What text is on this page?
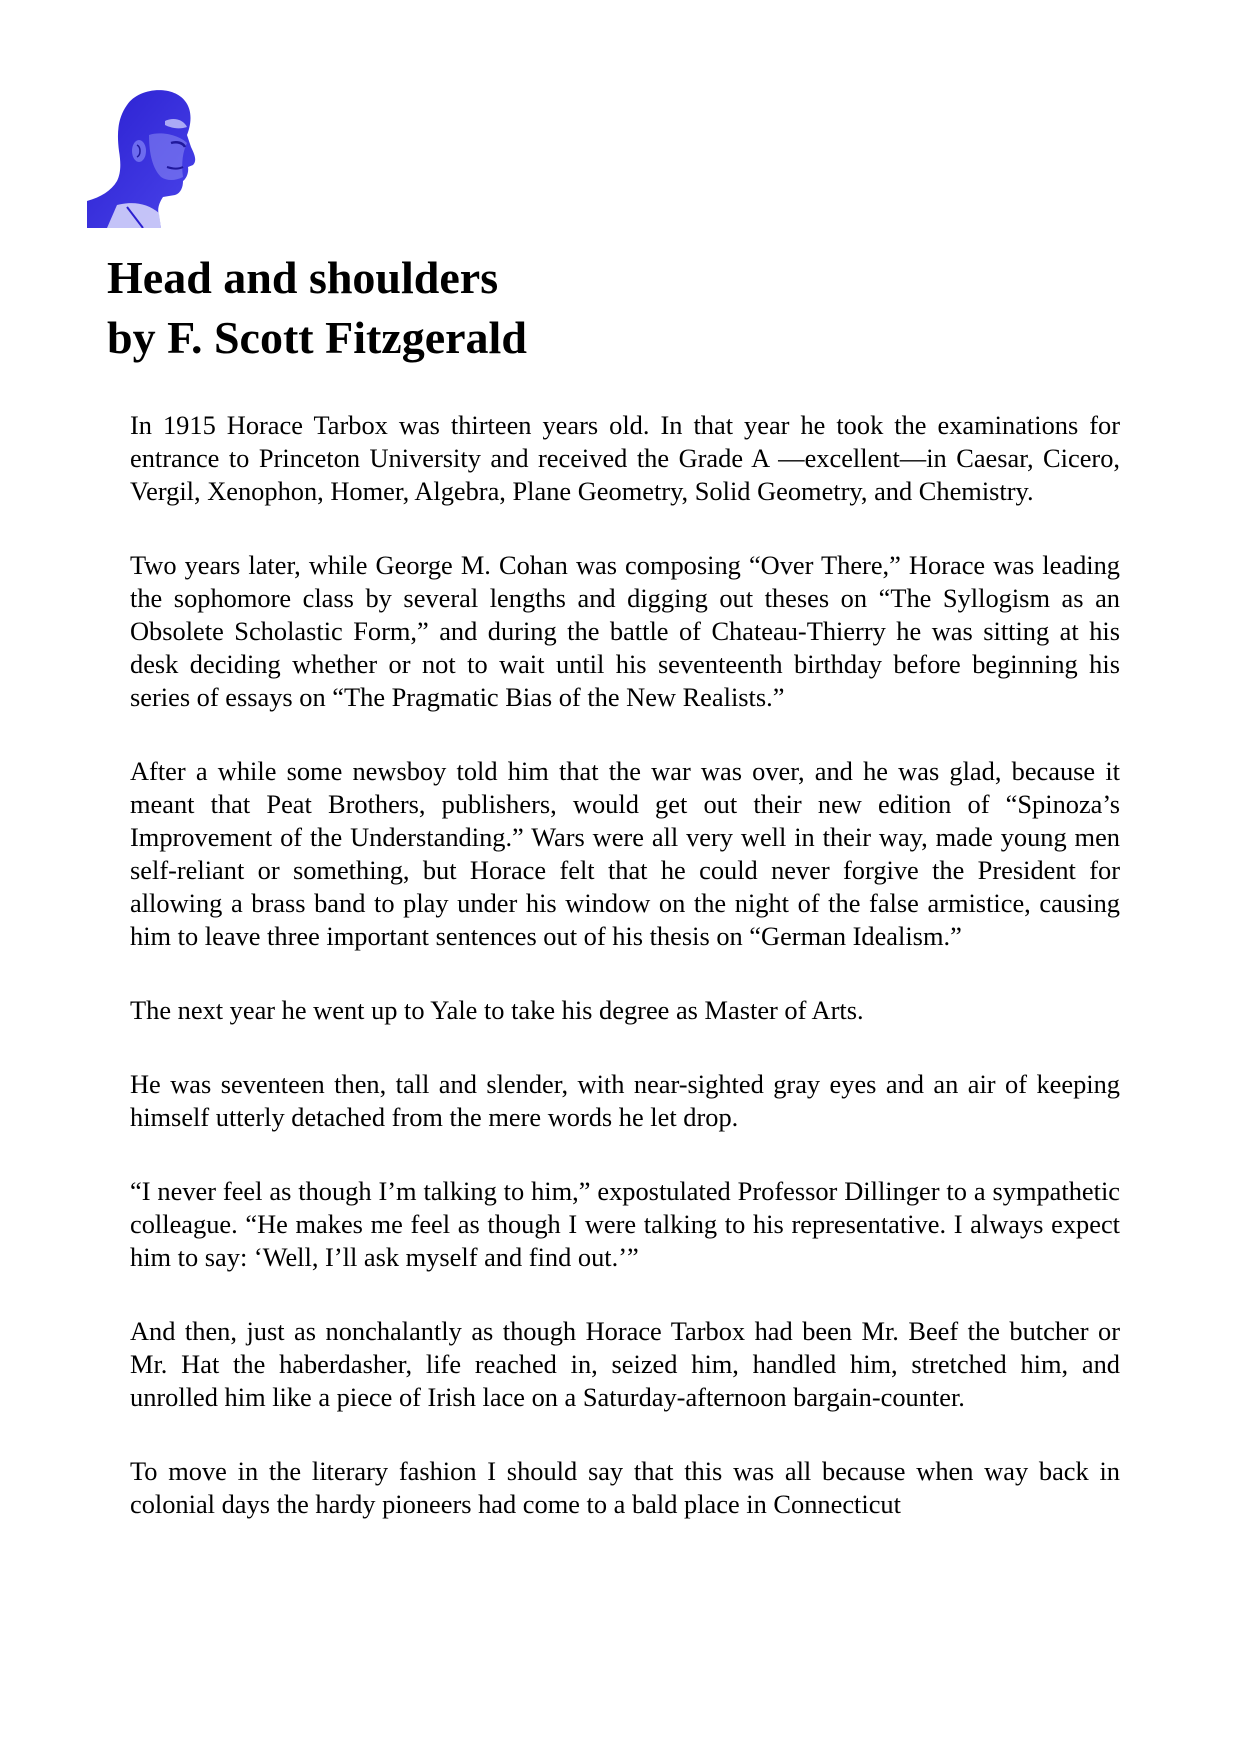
Head and shoulders
by F. Scott Fitzgerald

In 1915 Horace Tarbox was thirteen years old. In that year he took the examinations for entrance to Princeton University and received the Grade A —excellent—in Caesar, Cicero, Vergil, Xenophon, Homer, Algebra, Plane Geometry, Solid Geometry, and Chemistry.

Two years later, while George M. Cohan was composing “Over There,” Horace was leading the sophomore class by several lengths and digging out theses on “The Syllogism as an Obsolete Scholastic Form,” and during the battle of Chateau-Thierry he was sitting at his desk deciding whether or not to wait until his seventeenth birthday before beginning his series of essays on “The Pragmatic Bias of the New Realists.”

After a while some newsboy told him that the war was over, and he was glad, because it meant that Peat Brothers, publishers, would get out their new edition of “Spinoza’s Improvement of the Understanding.” Wars were all very well in their way, made young men self-reliant or something, but Horace felt that he could never forgive the President for allowing a brass band to play under his window on the night of the false armistice, causing him to leave three important sentences out of his thesis on “German Idealism.”

The next year he went up to Yale to take his degree as Master of Arts.

He was seventeen then, tall and slender, with near-sighted gray eyes and an air of keeping himself utterly detached from the mere words he let drop.

“I never feel as though I’m talking to him,” expostulated Professor Dillinger to a sympathetic colleague. “He makes me feel as though I were talking to his representative. I always expect him to say: ‘Well, I’ll ask myself and find out.’”

And then, just as nonchalantly as though Horace Tarbox had been Mr. Beef the butcher or Mr. Hat the haberdasher, life reached in, seized him, handled him, stretched him, and unrolled him like a piece of Irish lace on a Saturday-afternoon bargain-counter.

To move in the literary fashion I should say that this was all because when way back in colonial days the hardy pioneers had come to a bald place in Connecticut
